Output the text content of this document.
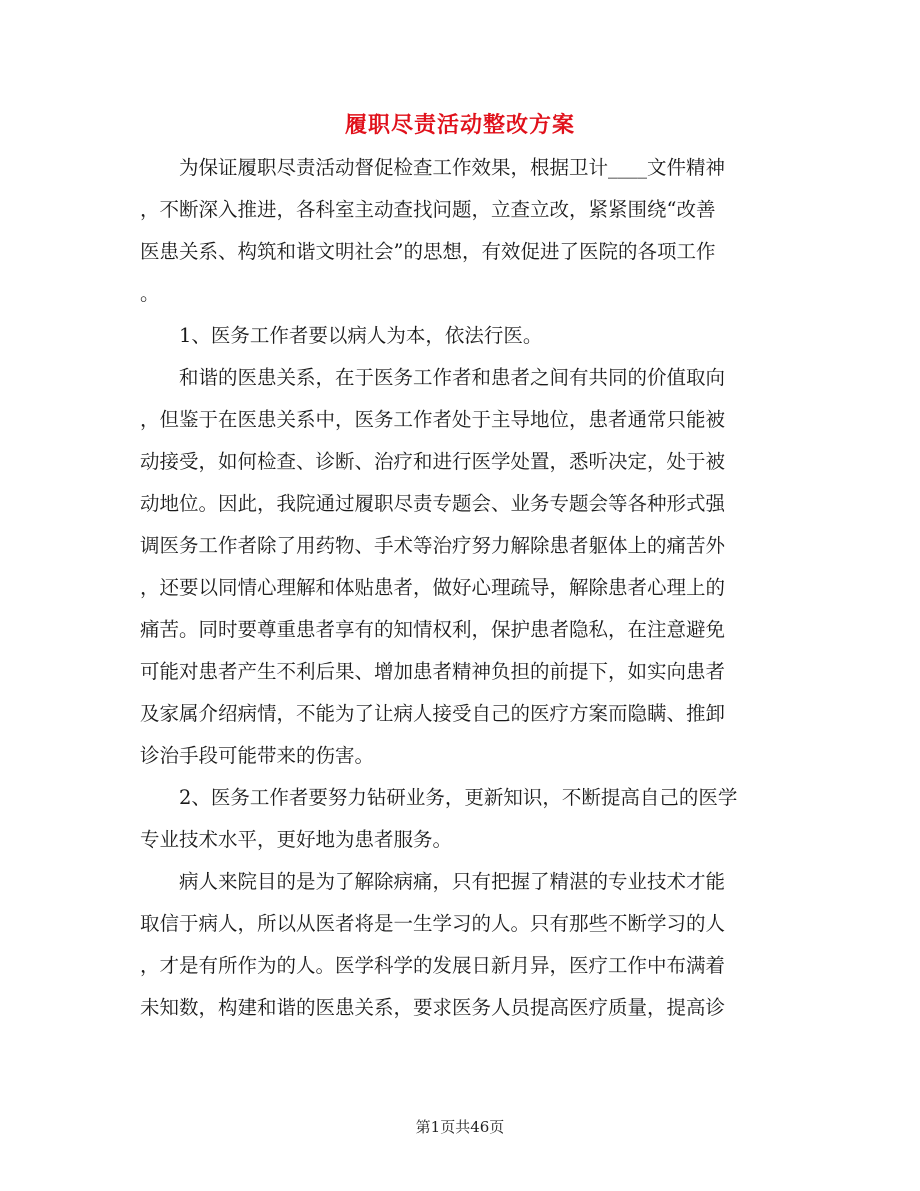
履职尽责活动整改方案
为保证履职尽责活动督促检查工作效果，根据卫计____文件精神
，不断深入推进，各科室主动查找问题，立查立改，紧紧围绕“改善
医患关系、构筑和谐文明社会”的思想，有效促进了医院的各项工作
。
1、医务工作者要以病人为本，依法行医。
和谐的医患关系，在于医务工作者和患者之间有共同的价值取向
，但鉴于在医患关系中，医务工作者处于主导地位，患者通常只能被
动接受，如何检查、诊断、治疗和进行医学处置，悉听决定，处于被
动地位。因此，我院通过履职尽责专题会、业务专题会等各种形式强
调医务工作者除了用药物、手术等治疗努力解除患者躯体上的痛苦外
，还要以同情心理解和体贴患者，做好心理疏导，解除患者心理上的
痛苦。同时要尊重患者享有的知情权利，保护患者隐私，在注意避免
可能对患者产生不利后果、增加患者精神负担的前提下，如实向患者
及家属介绍病情，不能为了让病人接受自己的医疗方案而隐瞒、推卸
诊治手段可能带来的伤害。
2、医务工作者要努力钻研业务，更新知识，不断提高自己的医学
专业技术水平，更好地为患者服务。
病人来院目的是为了解除病痛，只有把握了精湛的专业技术才能
取信于病人，所以从医者将是一生学习的人。只有那些不断学习的人
，才是有所作为的人。医学科学的发展日新月异，医疗工作中布满着
未知数，构建和谐的医患关系，要求医务人员提高医疗质量，提高诊
第1页共46页
